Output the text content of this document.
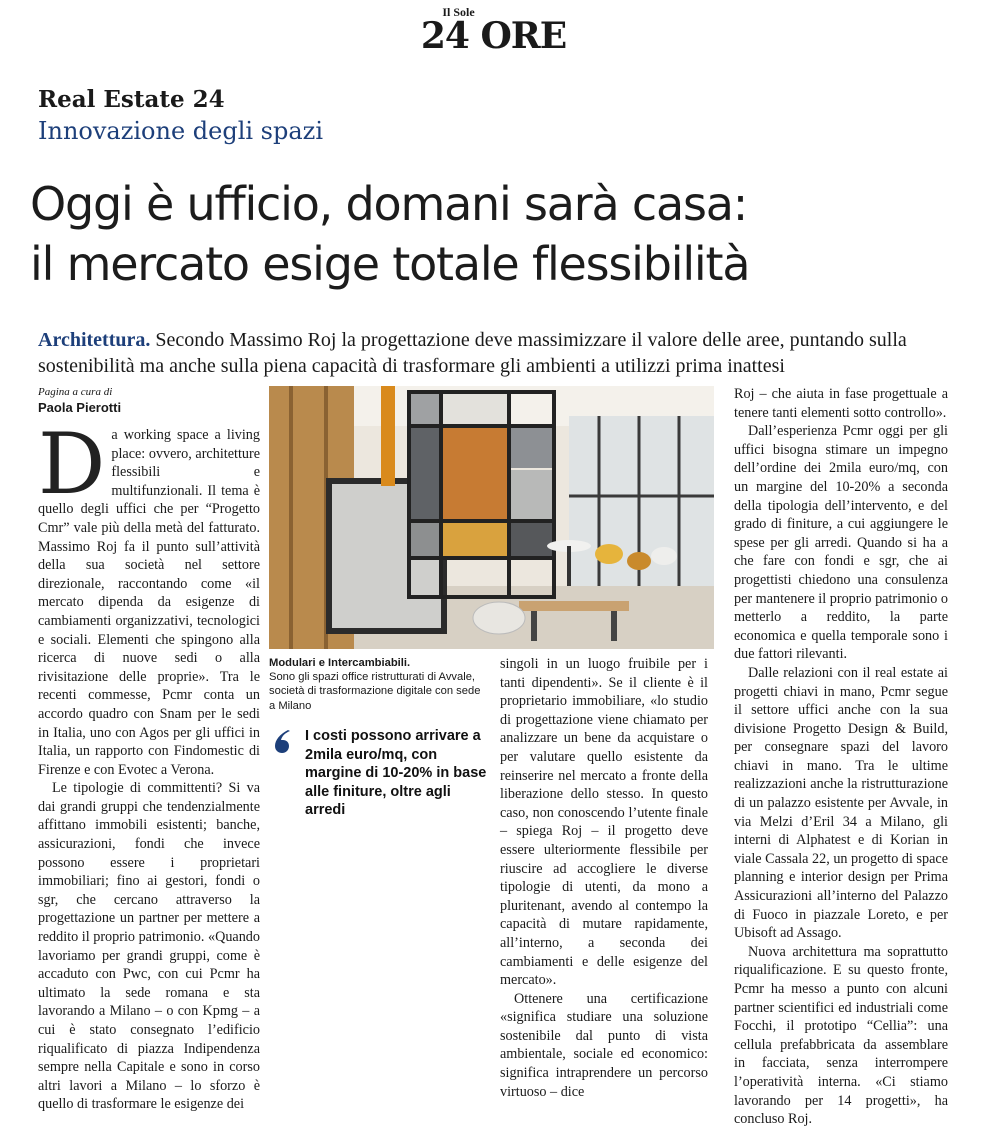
Il Sole
24 ORE
Real Estate 24
Innovazione degli spazi
Oggi è ufficio, domani sarà casa:
il mercato esige totale flessibilità
Architettura. Secondo Massimo Roj la progettazione deve massimizzare il valore delle aree, puntando sulla sostenibilità ma anche sulla piena capacità di trasformare gli ambienti a utilizzi prima inattesi
Pagina a cura di
Paola Pierotti

Da working space a living place: ovvero, architetture flessibili e multifunzionali. Il tema è quello degli uffici che per “Progetto Cmr” vale più della metà del fatturato. Massimo Roj fa il punto sull’attività della sua società nel settore direzionale, raccontando come «il mercato dipenda da esigenze di cambiamenti organizzativi, tecnologici e sociali. Elementi che spingono alla ricerca di nuove sedi o alla rivisitazione delle proprie». Tra le recenti commesse, Pcmr conta un accordo quadro con Snam per le sedi in Italia, uno con Agos per gli uffici in Italia, un rapporto con Findomestic di Firenze e con Evotec a Verona.

Le tipologie di committenti? Si va dai grandi gruppi che tendenzialmente affittano immobili esistenti; banche, assicurazioni, fondi che invece possono essere i proprietari immobiliari; fino ai gestori, fondi o sgr, che cercano attraverso la progettazione un partner per mettere a reddito il proprio patrimonio. «Quando lavoriamo per grandi gruppi, come è accaduto con Pwc, con cui Pcmr ha ultimato la sede romana e sta lavorando a Milano – o con Kpmg – a cui è stato consegnato l’edificio riqualificato di piazza Indipendenza sempre nella Capitale e sono in corso altri lavori a Milano – lo sforzo è quello di trasformare le esigenze dei

Modulari e Intercambiabili.
Sono gli spazi office ristrutturati di Avvale, società di trasformazione digitale con sede a Milano
I costi possono arrivare a 2mila euro/mq, con margine di 10-20% in base alle finiture, oltre agli arredi

singoli in un luogo fruibile per i tanti dipendenti». Se il cliente è il proprietario immobiliare, «lo studio di progettazione viene chiamato per analizzare un bene da acquistare o per valutare quello esistente da reinserire nel mercato a fronte della liberazione dello stesso. In questo caso, non conoscendo l’utente finale – spiega Roj – il progetto deve essere ulteriormente flessibile per riuscire ad accogliere le diverse tipologie di utenti, da mono a pluritenant, avendo al contempo la capacità di mutare rapidamente, all’interno, a seconda dei cambiamenti e delle esigenze del mercato».

Ottenere una certificazione «significa studiare una soluzione sostenibile dal punto di vista ambientale, sociale ed economico: significa intraprendere un percorso virtuoso – dice

Roj – che aiuta in fase progettuale a tenere tanti elementi sotto controllo».

Dall’esperienza Pcmr oggi per gli uffici bisogna stimare un impegno dell’ordine dei 2mila euro/mq, con un margine del 10-20% a seconda della tipologia dell’intervento, e del grado di finiture, a cui aggiungere le spese per gli arredi. Quando si ha a che fare con fondi e sgr, che ai progettisti chiedono una consulenza per mantenere il proprio patrimonio o metterlo a reddito, la parte economica e quella temporale sono i due fattori rilevanti.

Dalle relazioni con il real estate ai progetti chiavi in mano, Pcmr segue il settore uffici anche con la sua divisione Progetto Design & Build, per consegnare spazi del lavoro chiavi in mano. Tra le ultime realizzazioni anche la ristrutturazione di un palazzo esistente per Avvale, in via Melzi d’Eril 34 a Milano, gli interni di Alphatest e di Korian in viale Cassala 22, un progetto di space planning e interior design per Prima Assicurazioni all’interno del Palazzo di Fuoco in piazzale Loreto, e per Ubisoft ad Assago.

Nuova architettura ma soprattutto riqualificazione. E su questo fronte, Pcmr ha messo a punto con alcuni partner scientifici ed industriali come Focchi, il prototipo “Cellia”: una cellula prefabbricata da assemblare in facciata, senza interrompere l’operatività interna. «Ci stiamo lavorando per 14 progetti», ha concluso Roj.
